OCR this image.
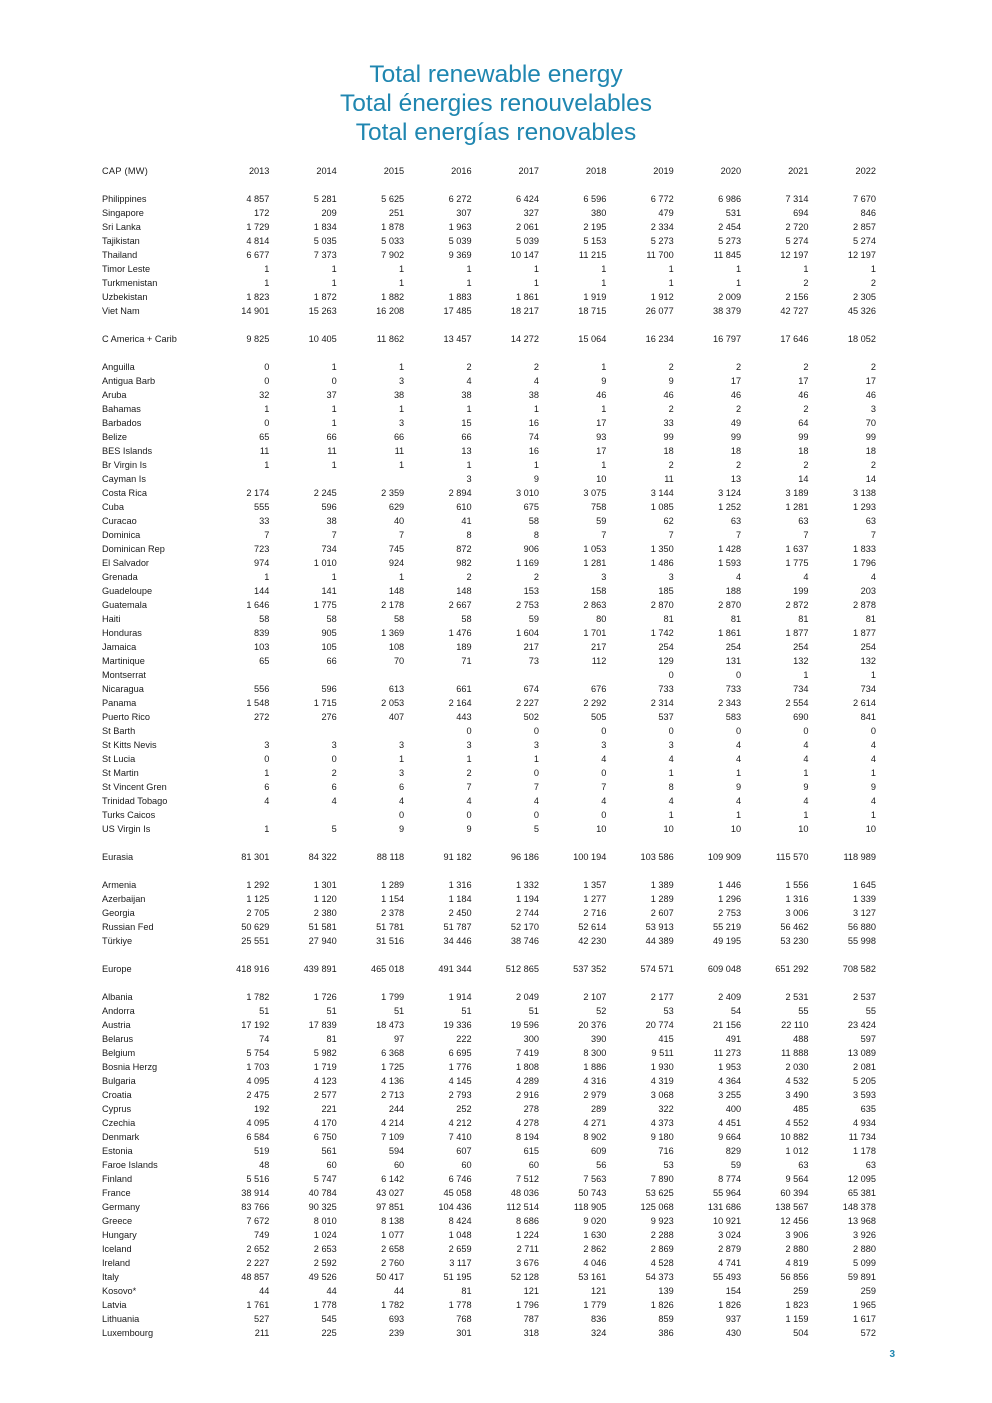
Total renewable energy
Total énergies renouvelables
Total energías renovables
CAP (MW)	2013	2014	2015	2016	2017	2018	2019	2020	2021	2022

Philippines	4 857	5 281	5 625	6 272	6 424	6 596	6 772	6 986	7 314	7 670
Singapore	172	209	251	307	327	380	479	531	694	846
Sri Lanka	1 729	1 834	1 878	1 963	2 061	2 195	2 334	2 454	2 720	2 857
Tajikistan	4 814	5 035	5 033	5 039	5 039	5 153	5 273	5 273	5 274	5 274
Thailand	6 677	7 373	7 902	9 369	10 147	11 215	11 700	11 845	12 197	12 197
Timor Leste	1	1	1	1	1	1	1	1	1	1
Turkmenistan	1	1	1	1	1	1	1	1	2	2
Uzbekistan	1 823	1 872	1 882	1 883	1 861	1 919	1 912	2 009	2 156	2 305
Viet Nam	14 901	15 263	16 208	17 485	18 217	18 715	26 077	38 379	42 727	45 326

C America + Carib	9 825	10 405	11 862	13 457	14 272	15 064	16 234	16 797	17 646	18 052

Anguilla	0	1	1	2	2	1	2	2	2	2
Antigua Barb	0	0	3	4	4	9	9	17	17	17
Aruba	32	37	38	38	38	46	46	46	46	46
Bahamas	1	1	1	1	1	1	2	2	2	3
Barbados	0	1	3	15	16	17	33	49	64	70
Belize	65	66	66	66	74	93	99	99	99	99
BES Islands	11	11	11	13	16	17	18	18	18	18
Br Virgin Is	1	1	1	1	1	1	2	2	2	2
Cayman Is				3	9	10	11	13	14	14
Costa Rica	2 174	2 245	2 359	2 894	3 010	3 075	3 144	3 124	3 189	3 138
Cuba	555	596	629	610	675	758	1 085	1 252	1 281	1 293
Curacao	33	38	40	41	58	59	62	63	63	63
Dominica	7	7	7	8	8	7	7	7	7	7
Dominican Rep	723	734	745	872	906	1 053	1 350	1 428	1 637	1 833
El Salvador	974	1 010	924	982	1 169	1 281	1 486	1 593	1 775	1 796
Grenada	1	1	1	2	2	3	3	4	4	4
Guadeloupe	144	141	148	148	153	158	185	188	199	203
Guatemala	1 646	1 775	2 178	2 667	2 753	2 863	2 870	2 870	2 872	2 878
Haiti	58	58	58	58	59	80	81	81	81	81
Honduras	839	905	1 369	1 476	1 604	1 701	1 742	1 861	1 877	1 877
Jamaica	103	105	108	189	217	217	254	254	254	254
Martinique	65	66	70	71	73	112	129	131	132	132
Montserrat							0	0	1	1
Nicaragua	556	596	613	661	674	676	733	733	734	734
Panama	1 548	1 715	2 053	2 164	2 227	2 292	2 314	2 343	2 554	2 614
Puerto Rico	272	276	407	443	502	505	537	583	690	841
St Barth				0	0	0	0	0	0	0
St Kitts Nevis	3	3	3	3	3	3	3	4	4	4
St Lucia	0	0	1	1	1	4	4	4	4	4
St Martin	1	2	3	2	0	0	1	1	1	1
St Vincent Gren	6	6	6	7	7	7	8	9	9	9
Trinidad Tobago	4	4	4	4	4	4	4	4	4	4
Turks Caicos			0	0	0	0	1	1	1	1
US Virgin Is	1	5	9	9	5	10	10	10	10	10

Eurasia	81 301	84 322	88 118	91 182	96 186	100 194	103 586	109 909	115 570	118 989

Armenia	1 292	1 301	1 289	1 316	1 332	1 357	1 389	1 446	1 556	1 645
Azerbaijan	1 125	1 120	1 154	1 184	1 194	1 277	1 289	1 296	1 316	1 339
Georgia	2 705	2 380	2 378	2 450	2 744	2 716	2 607	2 753	3 006	3 127
Russian Fed	50 629	51 581	51 781	51 787	52 170	52 614	53 913	55 219	56 462	56 880
Türkiye	25 551	27 940	31 516	34 446	38 746	42 230	44 389	49 195	53 230	55 998

Europe	418 916	439 891	465 018	491 344	512 865	537 352	574 571	609 048	651 292	708 582

Albania	1 782	1 726	1 799	1 914	2 049	2 107	2 177	2 409	2 531	2 537
Andorra	51	51	51	51	51	52	53	54	55	55
Austria	17 192	17 839	18 473	19 336	19 596	20 376	20 774	21 156	22 110	23 424
Belarus	74	81	97	222	300	390	415	491	488	597
Belgium	5 754	5 982	6 368	6 695	7 419	8 300	9 511	11 273	11 888	13 089
Bosnia Herzg	1 703	1 719	1 725	1 776	1 808	1 886	1 930	1 953	2 030	2 081
Bulgaria	4 095	4 123	4 136	4 145	4 289	4 316	4 319	4 364	4 532	5 205
Croatia	2 475	2 577	2 713	2 793	2 916	2 979	3 068	3 255	3 490	3 593
Cyprus	192	221	244	252	278	289	322	400	485	635
Czechia	4 095	4 170	4 214	4 212	4 278	4 271	4 373	4 451	4 552	4 934
Denmark	6 584	6 750	7 109	7 410	8 194	8 902	9 180	9 664	10 882	11 734
Estonia	519	561	594	607	615	609	716	829	1 012	1 178
Faroe Islands	48	60	60	60	60	56	53	59	63	63
Finland	5 516	5 747	6 142	6 746	7 512	7 563	7 890	8 774	9 564	12 095
France	38 914	40 784	43 027	45 058	48 036	50 743	53 625	55 964	60 394	65 381
Germany	83 766	90 325	97 851	104 436	112 514	118 905	125 068	131 686	138 567	148 378
Greece	7 672	8 010	8 138	8 424	8 686	9 020	9 923	10 921	12 456	13 968
Hungary	749	1 024	1 077	1 048	1 224	1 630	2 288	3 024	3 906	3 926
Iceland	2 652	2 653	2 658	2 659	2 711	2 862	2 869	2 879	2 880	2 880
Ireland	2 227	2 592	2 760	3 117	3 676	4 046	4 528	4 741	4 819	5 099
Italy	48 857	49 526	50 417	51 195	52 128	53 161	54 373	55 493	56 856	59 891
Kosovo*	44	44	44	81	121	121	139	154	259	259
Latvia	1 761	1 778	1 782	1 778	1 796	1 779	1 826	1 826	1 823	1 965
Lithuania	527	545	693	768	787	836	859	937	1 159	1 617
Luxembourg	211	225	239	301	318	324	386	430	504	572
3
